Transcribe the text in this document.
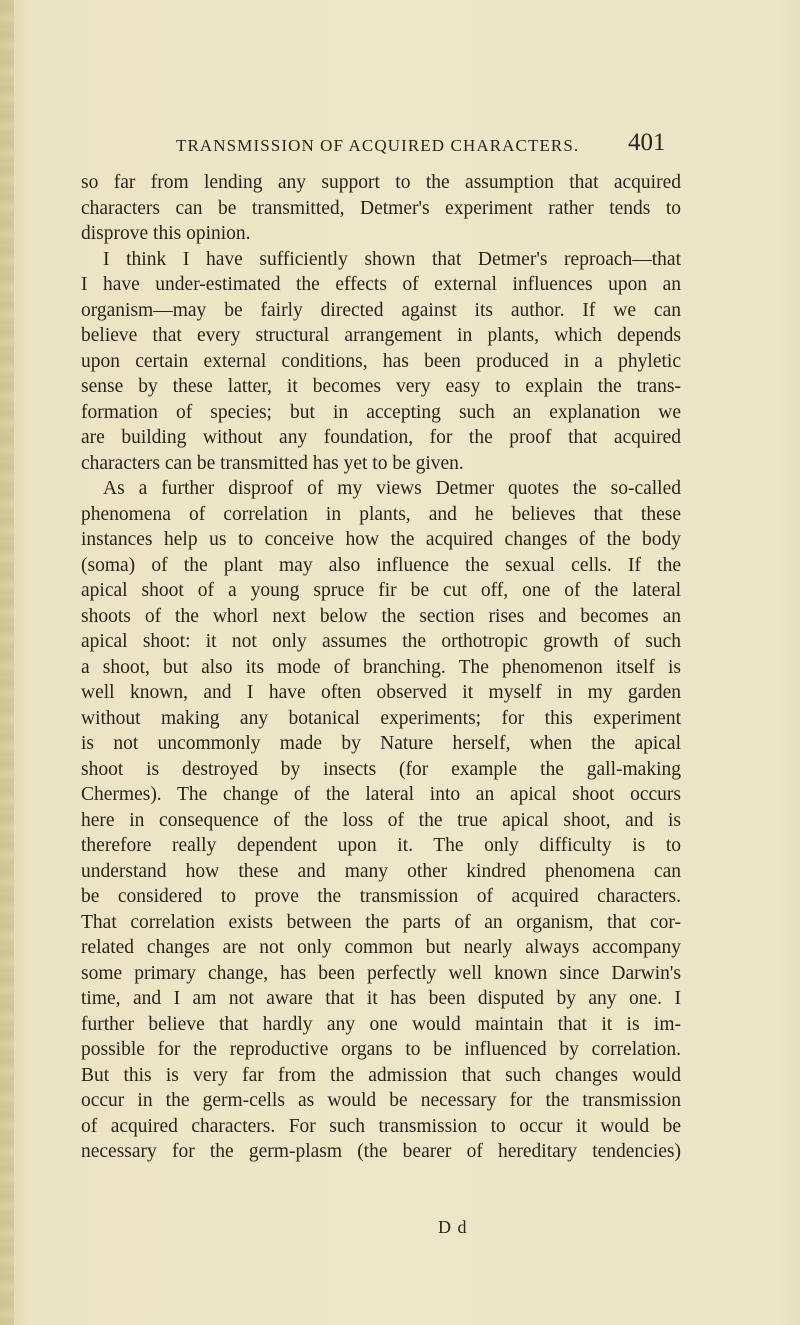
TRANSMISSION OF ACQUIRED CHARACTERS.	401
so far from lending any support to the assumption that acquired
characters can be transmitted, Detmer's experiment rather tends to
disprove this opinion.
I think I have sufficiently shown that Detmer's reproach—that
I have under-estimated the effects of external influences upon an
organism—may be fairly directed against its author. If we can
believe that every structural arrangement in plants, which depends
upon certain external conditions, has been produced in a phyletic
sense by these latter, it becomes very easy to explain the trans-
formation of species; but in accepting such an explanation we
are building without any foundation, for the proof that acquired
characters can be transmitted has yet to be given.
As a further disproof of my views Detmer quotes the so-called
phenomena of correlation in plants, and he believes that these
instances help us to conceive how the acquired changes of the body
(soma) of the plant may also influence the sexual cells. If the
apical shoot of a young spruce fir be cut off, one of the lateral
shoots of the whorl next below the section rises and becomes an
apical shoot: it not only assumes the orthotropic growth of such
a shoot, but also its mode of branching. The phenomenon itself is
well known, and I have often observed it myself in my garden
without making any botanical experiments; for this experiment
is not uncommonly made by Nature herself, when the apical
shoot is destroyed by insects (for example the gall-making
Chermes). The change of the lateral into an apical shoot occurs
here in consequence of the loss of the true apical shoot, and is
therefore really dependent upon it. The only difficulty is to
understand how these and many other kindred phenomena can
be considered to prove the transmission of acquired characters.
That correlation exists between the parts of an organism, that cor-
related changes are not only common but nearly always accompany
some primary change, has been perfectly well known since Darwin's
time, and I am not aware that it has been disputed by any one. I
further believe that hardly any one would maintain that it is im-
possible for the reproductive organs to be influenced by correlation.
But this is very far from the admission that such changes would
occur in the germ-cells as would be necessary for the transmission
of acquired characters. For such transmission to occur it would be
necessary for the germ-plasm (the bearer of hereditary tendencies)
D d
